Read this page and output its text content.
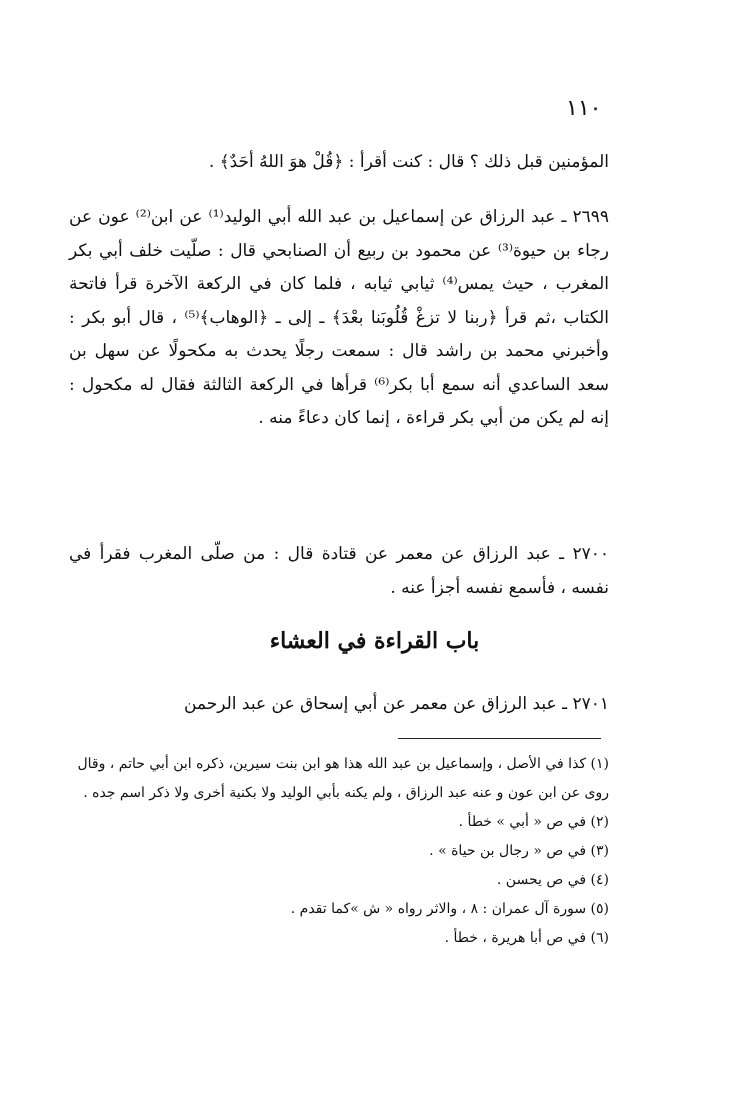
١١٠
المؤمنين قبل ذلك ؟ قال : كنت أقرأ : ﴿قُلْ هوَ اللهُ أحَدٌ﴾ .
٢٦٩٩ ـ عبد الرزاق عن إسماعيل بن عبد الله أبي الوليد⁽¹⁾ عن ابن⁽²⁾ عون عن رجاء بن حيوة⁽³⁾ عن محمود بن ربيع أن الصنابحي قال : صلّيت خلف أبي بكر المغرب ، حيث يمس⁽⁴⁾ ثيابي ثيابه ، فلما كان في الركعة الآخرة قرأ فاتحة الكتاب ،ثم قرأ ﴿ربنا لا تزغْ قُلُوبَنا بعْدَ﴾ ـ إلى ـ ﴿الوهاب﴾⁽⁵⁾ ، قال أبو بكر : وأخبرني محمد بن راشد قال : سمعت رجلًا يحدث به مكحولًا عن سهل بن سعد الساعدي أنه سمع أبا بكر⁽⁶⁾ قرأها في الركعة الثالثة فقال له مكحول : إنه لم يكن من أبي بكر قراءة ، إنما كان دعاءً منه .
٢٧٠٠ ـ عبد الرزاق عن معمر عن قتادة قال : من صلّى المغرب فقرأ في نفسه ، فأسمع نفسه أجزأ عنه .
باب القراءة في العشاء
٢٧٠١ ـ عبد الرزاق عن معمر عن أبي إسحاق عن عبد الرحمن

(١) كذا في الأصل ، وإسماعيل بن عبد الله هذا هو ابن بنت سيرين، ذكره ابن أبي حاتم ، وقال روى عن ابن عون و عنه عبد الرزاق ، ولم يكنه بأبي الوليد ولا بكنية أخرى ولا ذكر اسم جده .

(٢) في ص « أبي » خطأ .

(٣) في ص « رجال بن حياة » .

(٤) في ص يحسن .

(٥) سورة آل عمران : ٨ ، والاثر رواه « ش »كما تقدم .

(٦) في ص أبا هريرة ، خطأ .
